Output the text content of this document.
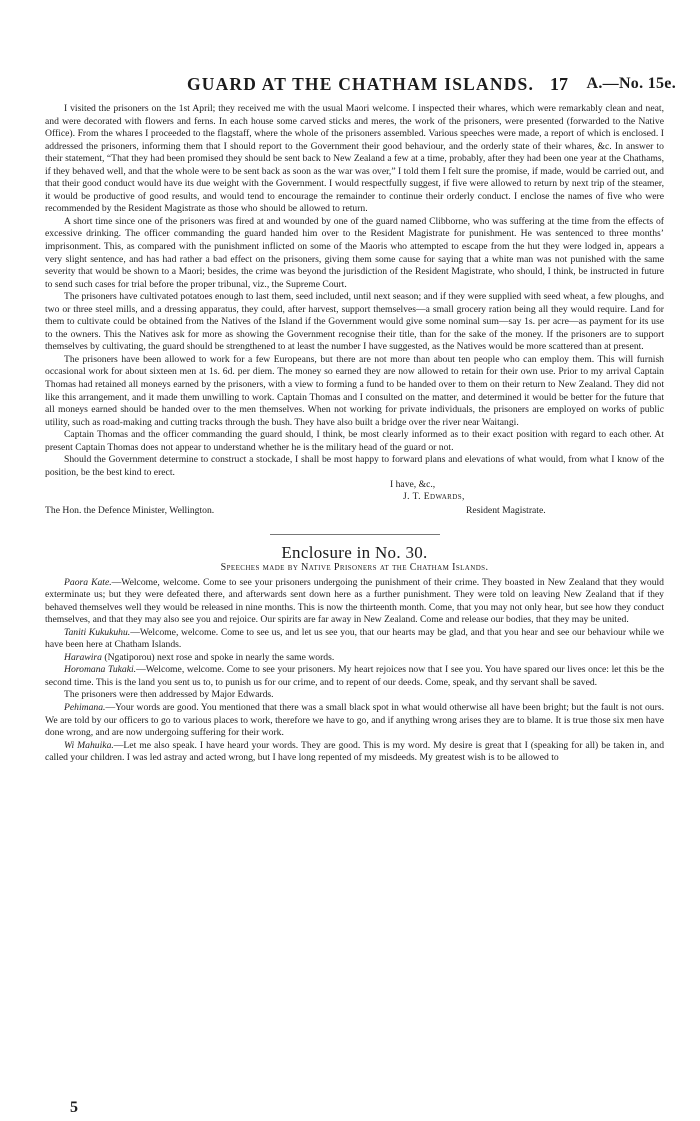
GUARD AT THE CHATHAM ISLANDS. 17 A.—No. 15e.

I visited the prisoners on the 1st April; they received me with the usual Maori welcome. I inspected their whares, which were remarkably clean and neat, and were decorated with flowers and ferns. In each house some carved sticks and meres, the work of the prisoners, were presented (forwarded to the Native Office). From the whares I proceeded to the flagstaff, where the whole of the prisoners assembled. Various speeches were made, a report of which is enclosed. I addressed the prisoners, informing them that I should report to the Government their good behaviour, and the orderly state of their whares, &c. In answer to their statement, “That they had been promised they should be sent back to New Zealand a few at a time, probably, after they had been one year at the Chathams, if they behaved well, and that the whole were to be sent back as soon as the war was over,” I told them I felt sure the promise, if made, would be carried out, and that their good conduct would have its due weight with the Government. I would respectfully suggest, if five were allowed to return by next trip of the steamer, it would be productive of good results, and would tend to encourage the remainder to continue their orderly conduct. I enclose the names of five who were recommended by the Resident Magistrate as those who should be allowed to return.

A short time since one of the prisoners was fired at and wounded by one of the guard named Clibborne, who was suffering at the time from the effects of excessive drinking. The officer commanding the guard handed him over to the Resident Magistrate for punishment. He was sentenced to three months’ imprisonment. This, as compared with the punishment inflicted on some of the Maoris who attempted to escape from the hut they were lodged in, appears a very slight sentence, and has had rather a bad effect on the prisoners, giving them some cause for saying that a white man was not punished with the same severity that would be shown to a Maori; besides, the crime was beyond the jurisdiction of the Resident Magistrate, who should, I think, be instructed in future to send such cases for trial before the proper tribunal, viz., the Supreme Court.

The prisoners have cultivated potatoes enough to last them, seed included, until next season; and if they were supplied with seed wheat, a few ploughs, and two or three steel mills, and a dressing apparatus, they could, after harvest, support themselves—a small grocery ration being all they would require. Land for them to cultivate could be obtained from the Natives of the Island if the Government would give some nominal sum—say 1s. per acre—as payment for its use to the owners. This the Natives ask for more as showing the Government recognise their title, than for the sake of the money. If the prisoners are to support themselves by cultivating, the guard should be strengthened to at least the number I have suggested, as the Natives would be more scattered than at present.

The prisoners have been allowed to work for a few Europeans, but there are not more than about ten people who can employ them. This will furnish occasional work for about sixteen men at 1s. 6d. per diem. The money so earned they are now allowed to retain for their own use. Prior to my arrival Captain Thomas had retained all moneys earned by the prisoners, with a view to forming a fund to be handed over to them on their return to New Zealand. They did not like this arrangement, and it made them unwilling to work. Captain Thomas and I consulted on the matter, and determined it would be better for the future that all moneys earned should be handed over to the men themselves. When not working for private individuals, the prisoners are employed on works of public utility, such as road-making and cutting tracks through the bush. They have also built a bridge over the river near Waitangi.

Captain Thomas and the officer commanding the guard should, I think, be most clearly informed as to their exact position with regard to each other. At present Captain Thomas does not appear to understand whether he is the military head of the guard or not.

Should the Government determine to construct a stockade, I shall be most happy to forward plans and elevations of what would, from what I know of the position, be the best kind to erect.

I have, &c.,
J. T. Edwards,
The Hon. the Defence Minister, Wellington.	Resident Magistrate.
Enclosure in No. 30.
Speeches made by Native Prisoners at the Chatham Islands.

Paora Kate.—Welcome, welcome. Come to see your prisoners undergoing the punishment of their crime. They boasted in New Zealand that they would exterminate us; but they were defeated there, and afterwards sent down here as a further punishment. They were told on leaving New Zealand that if they behaved themselves well they would be released in nine months. This is now the thirteenth month. Come, that you may not only hear, but see how they conduct themselves, and that they may also see you and rejoice. Our spirits are far away in New Zealand. Come and release our bodies, that they may be united.

Taniti Kukukuhu.—Welcome, welcome. Come to see us, and let us see you, that our hearts may be glad, and that you hear and see our behaviour while we have been here at Chatham Islands.

Harawira (Ngatiporou) next rose and spoke in nearly the same words.

Horomana Tukaki.—Welcome, welcome. Come to see your prisoners. My heart rejoices now that I see you. You have spared our lives once: let this be the second time. This is the land you sent us to, to punish us for our crime, and to repent of our deeds. Come, speak, and thy servant shall be saved.

The prisoners were then addressed by Major Edwards.

Pehimana.—Your words are good. You mentioned that there was a small black spot in what would otherwise all have been bright; but the fault is not ours. We are told by our officers to go to various places to work, therefore we have to go, and if anything wrong arises they are to blame. It is true those six men have done wrong, and are now undergoing suffering for their work.

Wi Mahuika.—Let me also speak. I have heard your words. They are good. This is my word. My desire is great that I (speaking for all) be taken in, and called your children. I was led astray and acted wrong, but I have long repented of my misdeeds. My greatest wish is to be allowed to

5
